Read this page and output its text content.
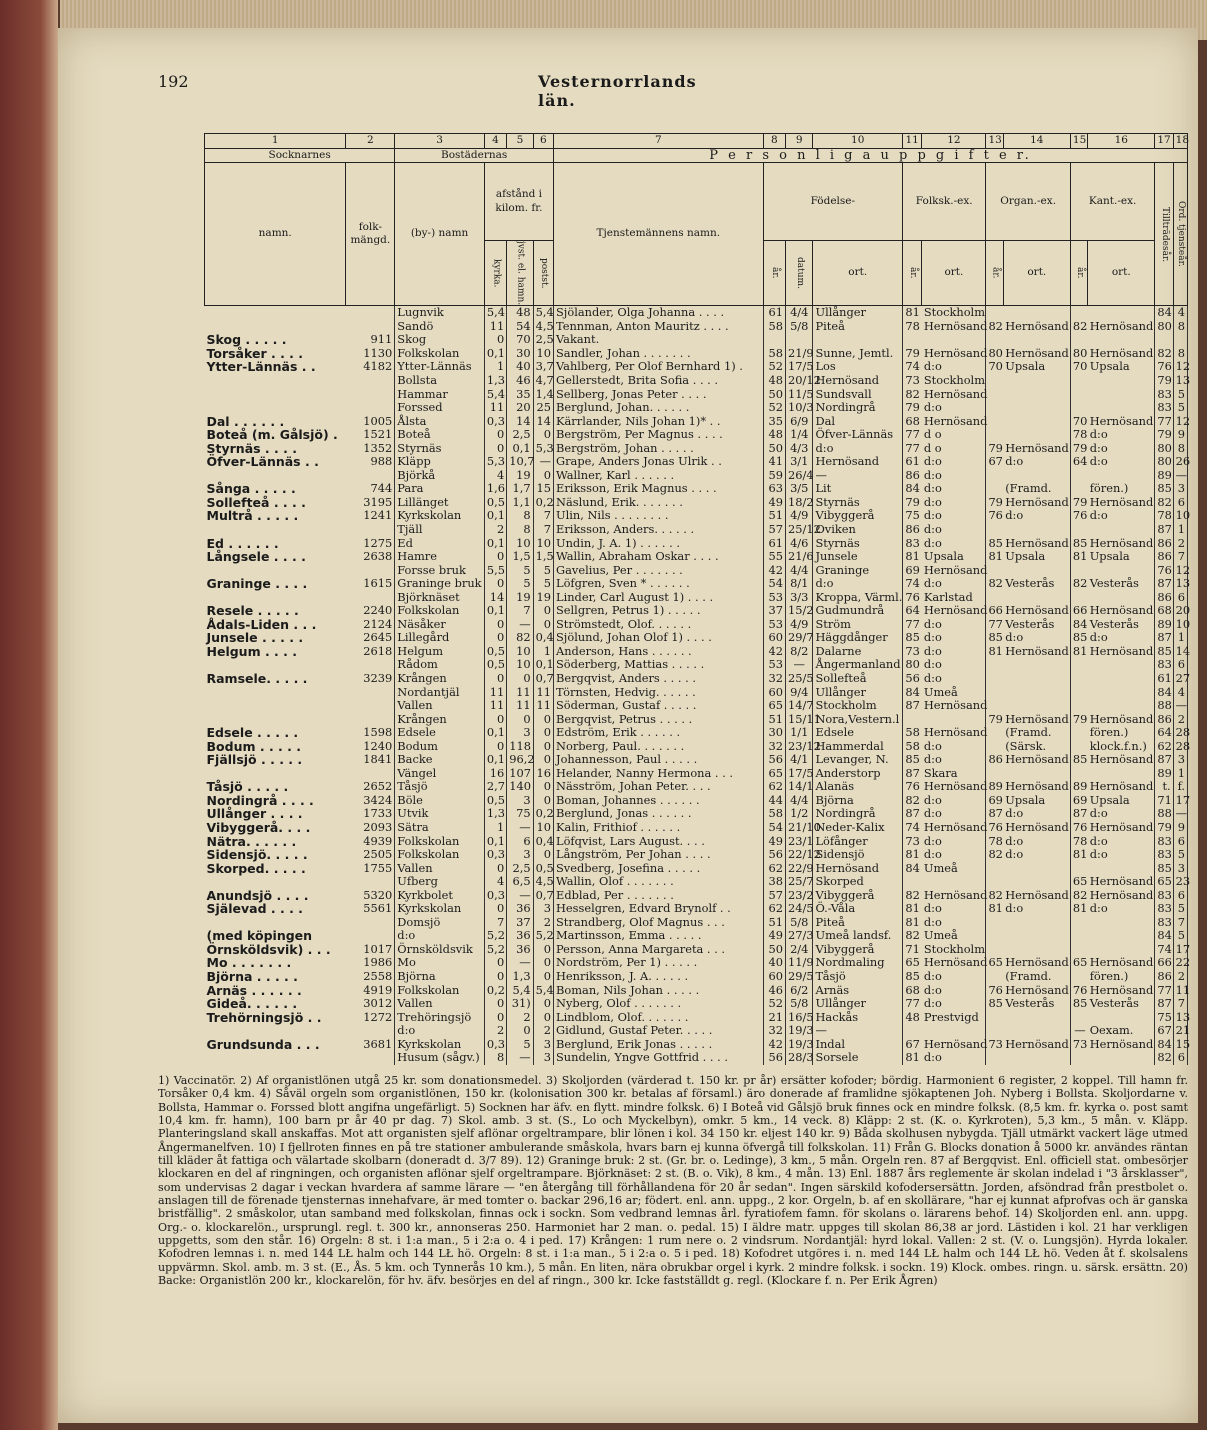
192	Vesternorrlands län.
1	2	3	4	5	6	7	8	9	10	11	12	13	14	15	16	17	18
Socknarnes		Bostädernas				P e r s o n l i g a u p p g i f t e r.											
namn.	folk- mängd.	(by-) namn	afstånd i kilom. fr.			Tjenstemännens namn.	Födelse-			Folksk.-ex.		Organ.-ex.		Kant.-ex.		Tillträdesår.	Ord. tjensteår.
			kyrka.	jvst. el. hamn.	postst.		år.	datum.	ort.	år.	ort.	år.	ort.	år.	ort.		
		Lugnvik	5,4	48	5,4	Sjölander, Olga Johanna . . . .	61	4/4	Ullånger	81	Stockholm					84	4
		Sandö	11	54	4,5	Tennman, Anton Mauritz . . . .	58	5/8	Piteå	78	Hernösand	82	Hernösand	82	Hernösand	80	8
Skog . . . . .	911	Skog	0	70	2,5	Vakant.											
Torsåker . . . .	1130	Folkskolan	0,1	30	10	Sandler, Johan . . . . . . .	58	21/9	Sunne, Jemtl.	79	Hernösand	80	Hernösand	80	Hernösand	82	8
Ytter-Lännäs . .	4182	Ytter-Lännäs	1	40	3,7	Vahlberg, Per Olof Bernhard 1) .	52	17/5	Los	74	d:o	70	Upsala	70	Upsala	76	12
		Bollsta	1,3	46	4,7	Gellerstedt, Brita Sofia . . . .	48	20/12	Hernösand	73	Stockholm					79	13
		Hammar	5,4	35	1,4	Sellberg, Jonas Peter . . . .	50	11/5	Sundsvall	82	Hernösand					83	5
		Forssed	11	20	25	Berglund, Johan. . . . . .	52	10/3	Nordingrå	79	d:o					83	5
Dal . . . . . .	1005	Ålsta	0,3	14	14	Kärrlander, Nils Johan 1)* . .	35	6/9	Dal	68	Hernösand			70	Hernösand	77	12
Boteå (m. Gålsjö) .	1521	Boteå	0	2,5	0	Bergström, Per Magnus . . . .	48	1/4	Öfver-Lännäs	77	d o			78	d:o	79	9
Styrnäs . . . .	1352	Styrnäs	0	0,1	5,3	Bergström, Johan . . . . .	50	4/3	d:o	77	d o	79	Hernösand	79	d:o	80	8
Öfver-Lännäs . .	988	Kläpp	5,3	10,7	—	Grape, Anders Jonas Ulrik . .	41	3/1	Hernösand	61	d:o	67	d:o	64	d:o	80	26
		Björkå	4	19	0	Wallner, Karl . . . . . .	59	26/4	—	86	d:o					89	—
Sånga . . . . .	744	Para	1,6	1,7	15	Eriksson, Erik Magnus . . . .	63	3/5	Lit	84	d:o		(Framd.		fören.)	85	3
Sollefteå . . . .	3195	Lillänget	0,5	1,1	0,2	Näslund, Erik. . . . . . .	49	18/2	Styrnäs	79	d:o	79	Hernösand	79	Hernösand	82	6
Multrå . . . . .	1241	Kyrkskolan	0,1	8	7	Ulin, Nils . . . . . . . .	51	4/9	Vibyggerå	75	d:o	76	d:o	76	d:o	78	10
		Tjäll	2	8	7	Eriksson, Anders. . . . . .	57	25/12	Oviken	86	d:o					87	1
Ed . . . . . .	1275	Ed	0,1	10	10	Undin, J. A. 1) . . . . . .	61	4/6	Styrnäs	83	d:o	85	Hernösand	85	Hernösand	86	2
Långsele . . . .	2638	Hamre	0	1,5	1,5	Wallin, Abraham Oskar . . . .	55	21/6	Junsele	81	Upsala	81	Upsala	81	Upsala	86	7
		Forsse bruk	5,5	5	5	Gavelius, Per . . . . . . .	42	4/4	Graninge	69	Hernösand					76	12
Graninge . . . .	1615	Graninge bruk	0	5	5	Löfgren, Sven * . . . . . .	54	8/1	d:o	74	d:o	82	Vesterås	82	Vesterås	87	13
		Björknäset	14	19	19	Linder, Carl August 1) . . . .	53	3/3	Kroppa, Värml.	76	Karlstad					86	6
Resele . . . . .	2240	Folkskolan	0,1	7	0	Sellgren, Petrus 1) . . . . .	37	15/2	Gudmundrå	64	Hernösand	66	Hernösand	66	Hernösand	68	20
Ådals-Liden . . .	2124	Näsåker	0	—	0	Strömstedt, Olof. . . . . .	53	4/9	Ström	77	d:o	77	Vesterås	84	Vesterås	89	10
Junsele . . . . .	2645	Lillegård	0	82	0,4	Sjölund, Johan Olof 1) . . . .	60	29/7	Häggdånger	85	d:o	85	d:o	85	d:o	87	1
Helgum . . . .	2618	Helgum	0,5	10	1	Anderson, Hans . . . . . .	42	8/2	Dalarne	73	d:o	81	Hernösand	81	Hernösand	85	14
		Rådom	0,5	10	0,1	Söderberg, Mattias . . . . .	53	—	Ångermanland	80	d:o					83	6
Ramsele. . . . .	3239	Krången	0	0	0,7	Bergqvist, Anders . . . . .	32	25/5	Sollefteå	56	d:o					61	27
		Nordantjäl	11	11	11	Törnsten, Hedvig. . . . . .	60	9/4	Ullånger	84	Umeå					84	4
		Vallen	11	11	11	Söderman, Gustaf . . . . .	65	14/7	Stockholm	87	Hernösand					88	—
		Krången	0	0	0	Bergqvist, Petrus . . . . .	51	15/11	Nora,Vestern.l			79	Hernösand	79	Hernösand	86	2
Edsele . . . . .	1598	Edsele	0,1	3	0	Edström, Erik . . . . . .	30	1/1	Edsele	58	Hernösand		(Framd.		fören.)	64	28
Bodum . . . . .	1240	Bodum	0	118	0	Norberg, Paul. . . . . . .	32	23/12	Hammerdal	58	d:o		(Särsk.		klock.f.n.)	62	28
Fjällsjö . . . . .	1841	Backe	0,1	96,2	0	Johannesson, Paul . . . . .	56	4/1	Levanger, N.	85	d:o	86	Hernösand	85	Hernösand	87	3
		Vängel	16	107	16	Helander, Nanny Hermona . . .	65	17/5	Anderstorp	87	Skara					89	1
Tåsjö . . . . .	2652	Tåsjö	2,7	140	0	Näsström, Johan Peter. . . .	62	14/1	Alanäs	76	Hernösand	89	Hernösand	89	Hernösand	t.	f.
Nordingrå . . . .	3424	Böle	0,5	3	0	Boman, Johannes . . . . . .	44	4/4	Björna	82	d:o	69	Upsala	69	Upsala	71	17
Ullånger . . . .	1733	Utvik	1,3	75	0,2	Berglund, Jonas . . . . . .	58	1/2	Nordingrå	87	d:o	87	d:o	87	d:o	88	—
Vibyggerå. . . .	2093	Sätra	1	—	10	Kalin, Frithiof . . . . . .	54	21/10	Neder-Kalix	74	Hernösand	76	Hernösand	76	Hernösand	79	9
Nätra. . . . . .	4939	Folkskolan	0,1	6	0,4	Löfqvist, Lars August. . . .	49	23/1	Löfånger	73	d:o	78	d:o	78	d:o	83	6
Sidensjö. . . . .	2505	Folkskolan	0,3	3	0	Långström, Per Johan . . . .	56	22/12	Sidensjö	81	d:o	82	d:o	81	d:o	83	5
Skorped. . . . .	1755	Vallen	0	2,5	0,5	Svedberg, Josefina . . . . .	62	22/9	Hernösand	84	Umeå					85	3
		Ufberg	4	6,5	4,5	Wallin, Olof . . . . . . .	38	25/7	Skorped					65	Hernösand	65	23
Anundsjö . . . .	5320	Kyrkbolet	0,3	—	0,7	Edblad, Per . . . . . . .	57	23/2	Vibyggerå	82	Hernösand	82	Hernösand	82	Hernösand	83	6
Själevad . . . .	5561	Kyrkskolan	0	36	3	Hesselgren, Edvard Brynolf . .	62	24/5	Ö.-Våla	81	d:o	81	d:o	81	d:o	83	5
		Domsjö	7	37	2	Strandberg, Olof Magnus . . .	51	5/8	Piteå	81	d:o					83	7
(med köpingen		d:o	5,2	36	5,2	Martinsson, Emma . . . . .	49	27/3	Umeå landsf.	82	Umeå					84	5
Örnsköldsvik) . . .	1017	Örnsköldsvik	5,2	36	0	Persson, Anna Margareta . . .	50	2/4	Vibyggerå	71	Stockholm					74	17
Mo . . . . . . .	1986	Mo	0	—	0	Nordström, Per 1) . . . . .	40	11/9	Nordmaling	65	Hernösand	65	Hernösand	65	Hernösand	66	22
Björna . . . . .	2558	Björna	0	1,3	0	Henriksson, J. A. . . . . .	60	29/5	Tåsjö	85	d:o		(Framd.		fören.)	86	2
Arnäs . . . . . .	4919	Folkskolan	0,2	5,4	5,4	Boman, Nils Johan . . . . .	46	6/2	Arnäs	68	d:o	76	Hernösand	76	Hernösand	77	11
Gideå. . . . . .	3012	Vallen	0	31)	0	Nyberg, Olof . . . . . . .	52	5/8	Ullånger	77	d:o	85	Vesterås	85	Vesterås	87	7
Trehörningsjö . .	1272	Trehöringsjö	0	2	0	Lindblom, Olof. . . . . . .	21	16/5	Hackås	48	Prestvigd					75	13
		d:o	2	0	2	Gidlund, Gustaf Peter. . . . .	32	19/3	—					—	Oexam.	67	21
Grundsunda . . .	3681	Kyrkskolan	0,3	5	3	Berglund, Erik Jonas . . . . .	42	19/3	Indal	67	Hernösand	73	Hernösand	73	Hernösand	84	15
		Husum (sågv.)	8	—	3	Sundelin, Yngve Gottfrid . . . .	56	28/3	Sorsele	81	d:o					82	6

1) Vaccinatör. 2) Af organistlönen utgå 25 kr. som donationsmedel. 3) Skoljorden (värderad t. 150 kr. pr år) ersätter kofoder; bördig. Harmonient 6 register, 2 koppel. Till hamn fr. Torsåker 0,4 km. 4) Såväl orgeln som organistlönen, 150 kr. (kolonisation 300 kr. betalas af församl.) äro donerade af framlidne sjökaptenen Joh. Nyberg i Bollsta. Skoljordarne v. Bollsta, Hammar o. Forssed blott angifna ungefärligt. 5) Socknen har äfv. en flytt. mindre folksk. 6) I Boteå vid Gålsjö bruk finnes ock en mindre folksk. (8,5 km. fr. kyrka o. post samt 10,4 km. fr. hamn), 100 barn pr år 40 pr dag. 7) Skol. amb. 3 st. (S., Lo och Myckelbyn), omkr. 5 km., 14 veck. 8) Kläpp: 2 st. (K. o. Kyrkroten), 5,3 km., 5 mån. v. Kläpp. Planteringsland skall anskaffas. Mot att organisten sjelf aflönar orgeltrampare, blir lönen i kol. 34 150 kr. eljest 140 kr. 9) Båda skolhusen nybygda. Tjäll utmärkt vackert läge utmed Ångermanelfven. 10) I fjellroten finnes en på tre stationer ambulerande småskola, hvars barn ej kunna öfvergå till folkskolan. 11) Från G. Blocks donation å 5000 kr. användes räntan till kläder åt fattiga och välartade skolbarn (doneradt d. 3/7 89). 12) Graninge bruk: 2 st. (Gr. br. o. Ledinge), 3 km., 5 mån. Orgeln ren. 87 af Bergqvist. Enl. officiell stat. ombesörjer klockaren en del af ringningen, och organisten aflönar sjelf orgeltrampare. Björknäset: 2 st. (B. o. Vik), 8 km., 4 mån. 13) Enl. 1887 års reglemente är skolan indelad i "3 årsklasser", som undervisas 2 dagar i veckan hvardera af samme lärare — "en återgång till förhållandena för 20 år sedan". Ingen särskild kofodersersättn. Jorden, afsöndrad från prestbolet o. anslagen till de förenade tjensternas innehafvare, är med tomter o. backar 296,16 ar; födert. enl. ann. uppg., 2 kor. Orgeln, b. af en skollärare, "har ej kunnat afprofvas och är ganska bristfällig". 2 småskolor, utan samband med folkskolan, finnas ock i sockn. Som vedbrand lemnas årl. fyratiofem famn. för skolans o. lärarens behof. 14) Skoljorden enl. ann. uppg. Org.- o. klockarelön., ursprungl. regl. t. 300 kr., annonseras 250. Harmoniet har 2 man. o. pedal. 15) I äldre matr. uppges till skolan 86,38 ar jord. Lästiden i kol. 21 har verkligen uppgetts, som den står. 16) Orgeln: 8 st. i 1:a man., 5 i 2:a o. 4 i ped. 17) Krången: 1 rum nere o. 2 vindsrum. Nordantjäl: hyrd lokal. Vallen: 2 st. (V. o. Lungsjön). Hyrda lokaler. Kofodren lemnas i. n. med 144 LŁ halm och 144 LŁ hö. Orgeln: 8 st. i 1:a man., 5 i 2:a o. 5 i ped. 18) Kofodret utgöres i. n. med 144 LŁ halm och 144 LŁ hö. Veden åt f. skolsalens uppvärmn. Skol. amb. m. 3 st. (E., Ås. 5 km. och Tynnerås 10 km.), 5 mån. En liten, nära obrukbar orgel i kyrk. 2 mindre folksk. i sockn. 19) Klock. ombes. ringn. u. särsk. ersättn. 20) Backe: Organistlön 200 kr., klockarelön, för hv. äfv. besörjes en del af ringn., 300 kr. Icke fastställdt g. regl. (Klockare f. n. Per Erik Ågren)
